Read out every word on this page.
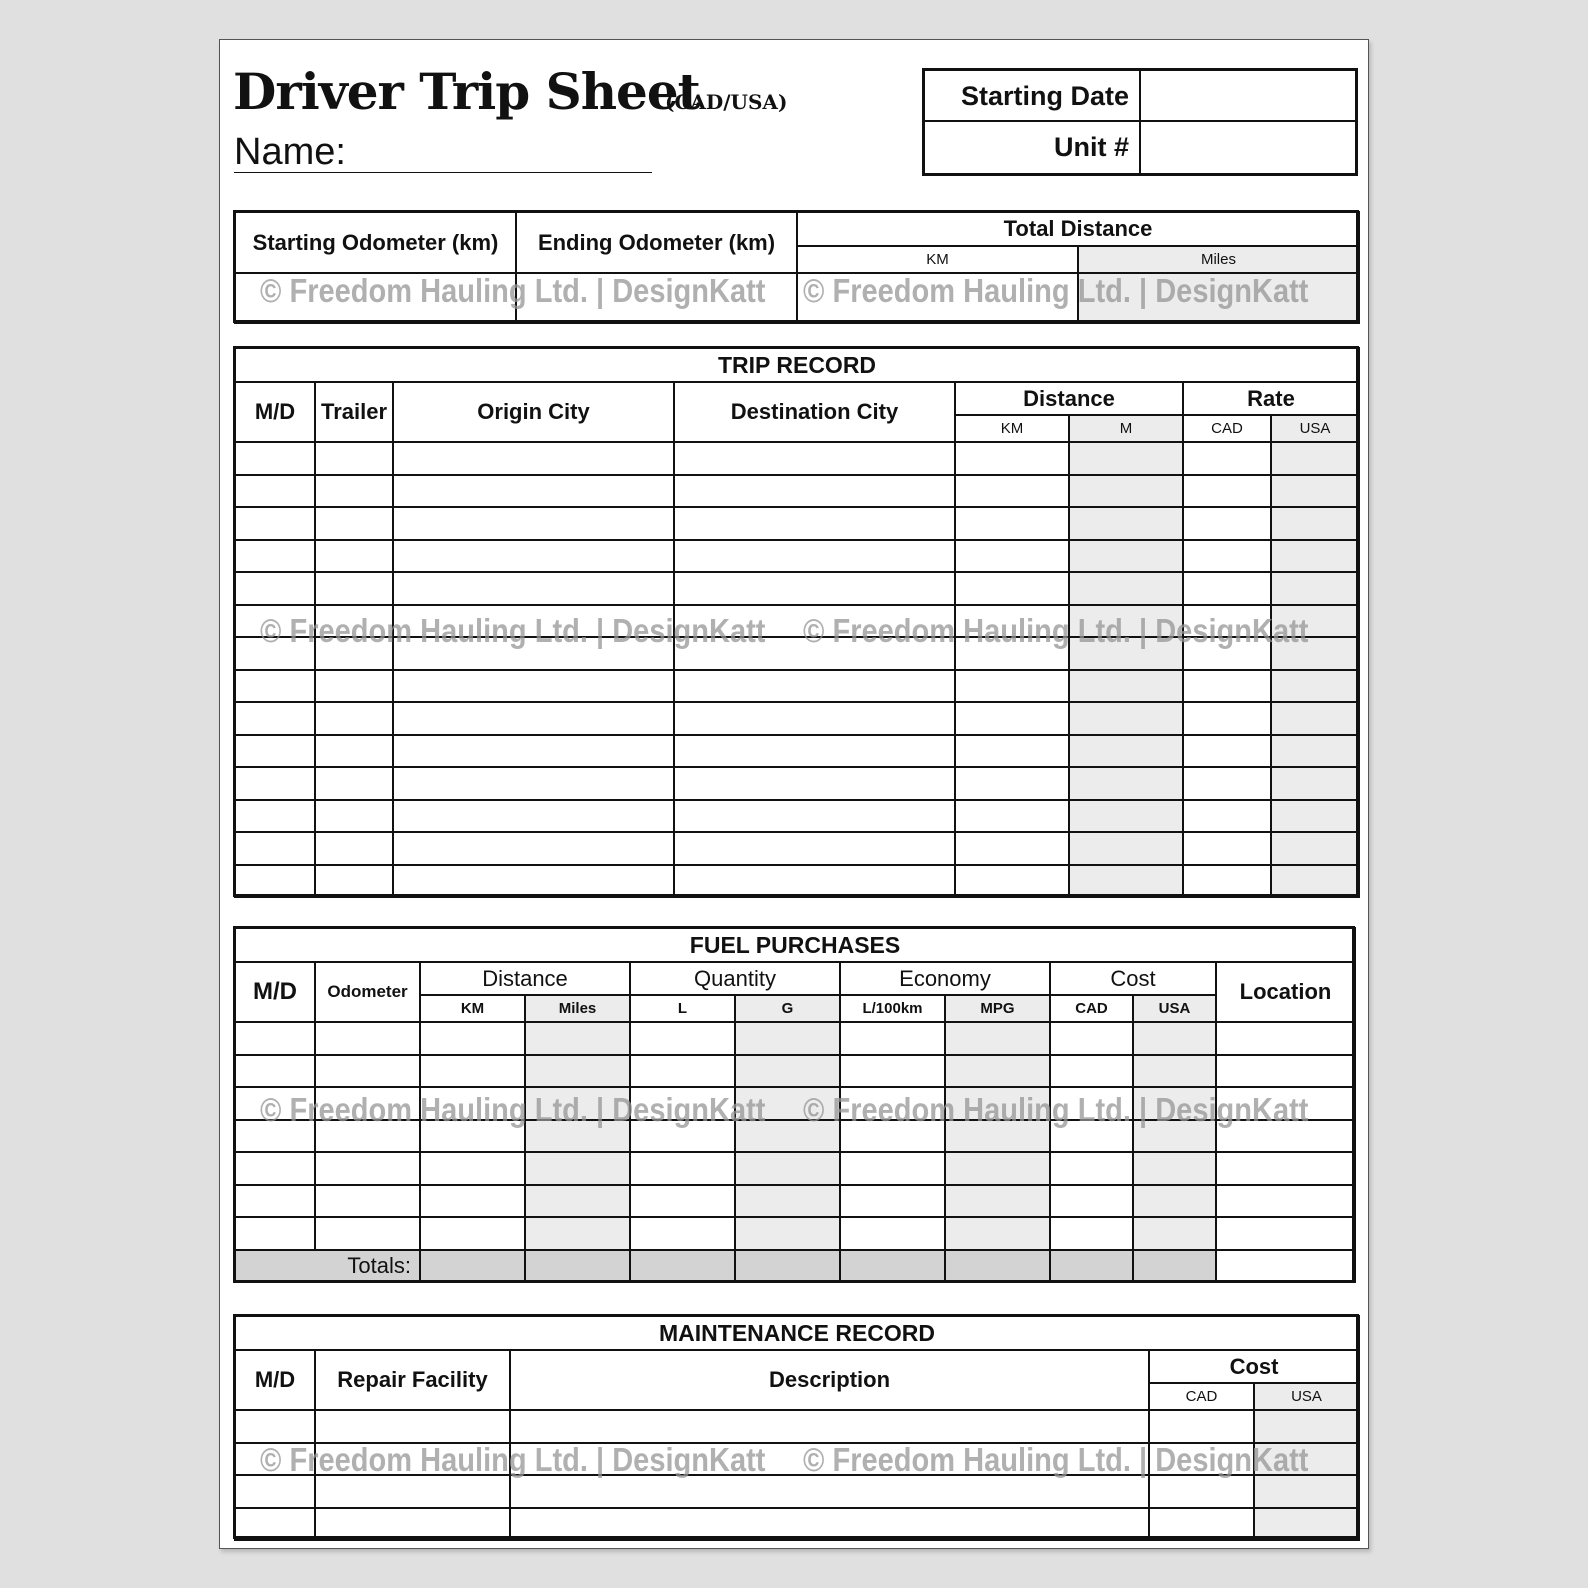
Driver Trip Sheet
(CAD/USA)
Name:
Starting Date
Unit #
Starting Odometer (km)	Ending Odometer (km)	Total Distance	
		KM	Miles

TRIP RECORD							
M/D	Trailer	Origin City	Destination City	Distance		Rate	
				KM	M	CAD	USA

FUEL PURCHASES										
M/D	Odometer	Distance		Quantity		Economy		Cost		Location
		KM	Miles	L	G	L/100km	MPG	CAD	USA	

Totals:										
MAINTENANCE RECORD				
M/D	Repair Facility	Description	Cost	
			CAD	USA

© Freedom Hauling Ltd. | DesignKatt © Freedom Hauling Ltd. | DesignKatt
© Freedom Hauling Ltd. | DesignKatt © Freedom Hauling Ltd. | DesignKatt
© Freedom Hauling Ltd. | DesignKatt © Freedom Hauling Ltd. | DesignKatt
© Freedom Hauling Ltd. | DesignKatt © Freedom Hauling Ltd. | DesignKatt
